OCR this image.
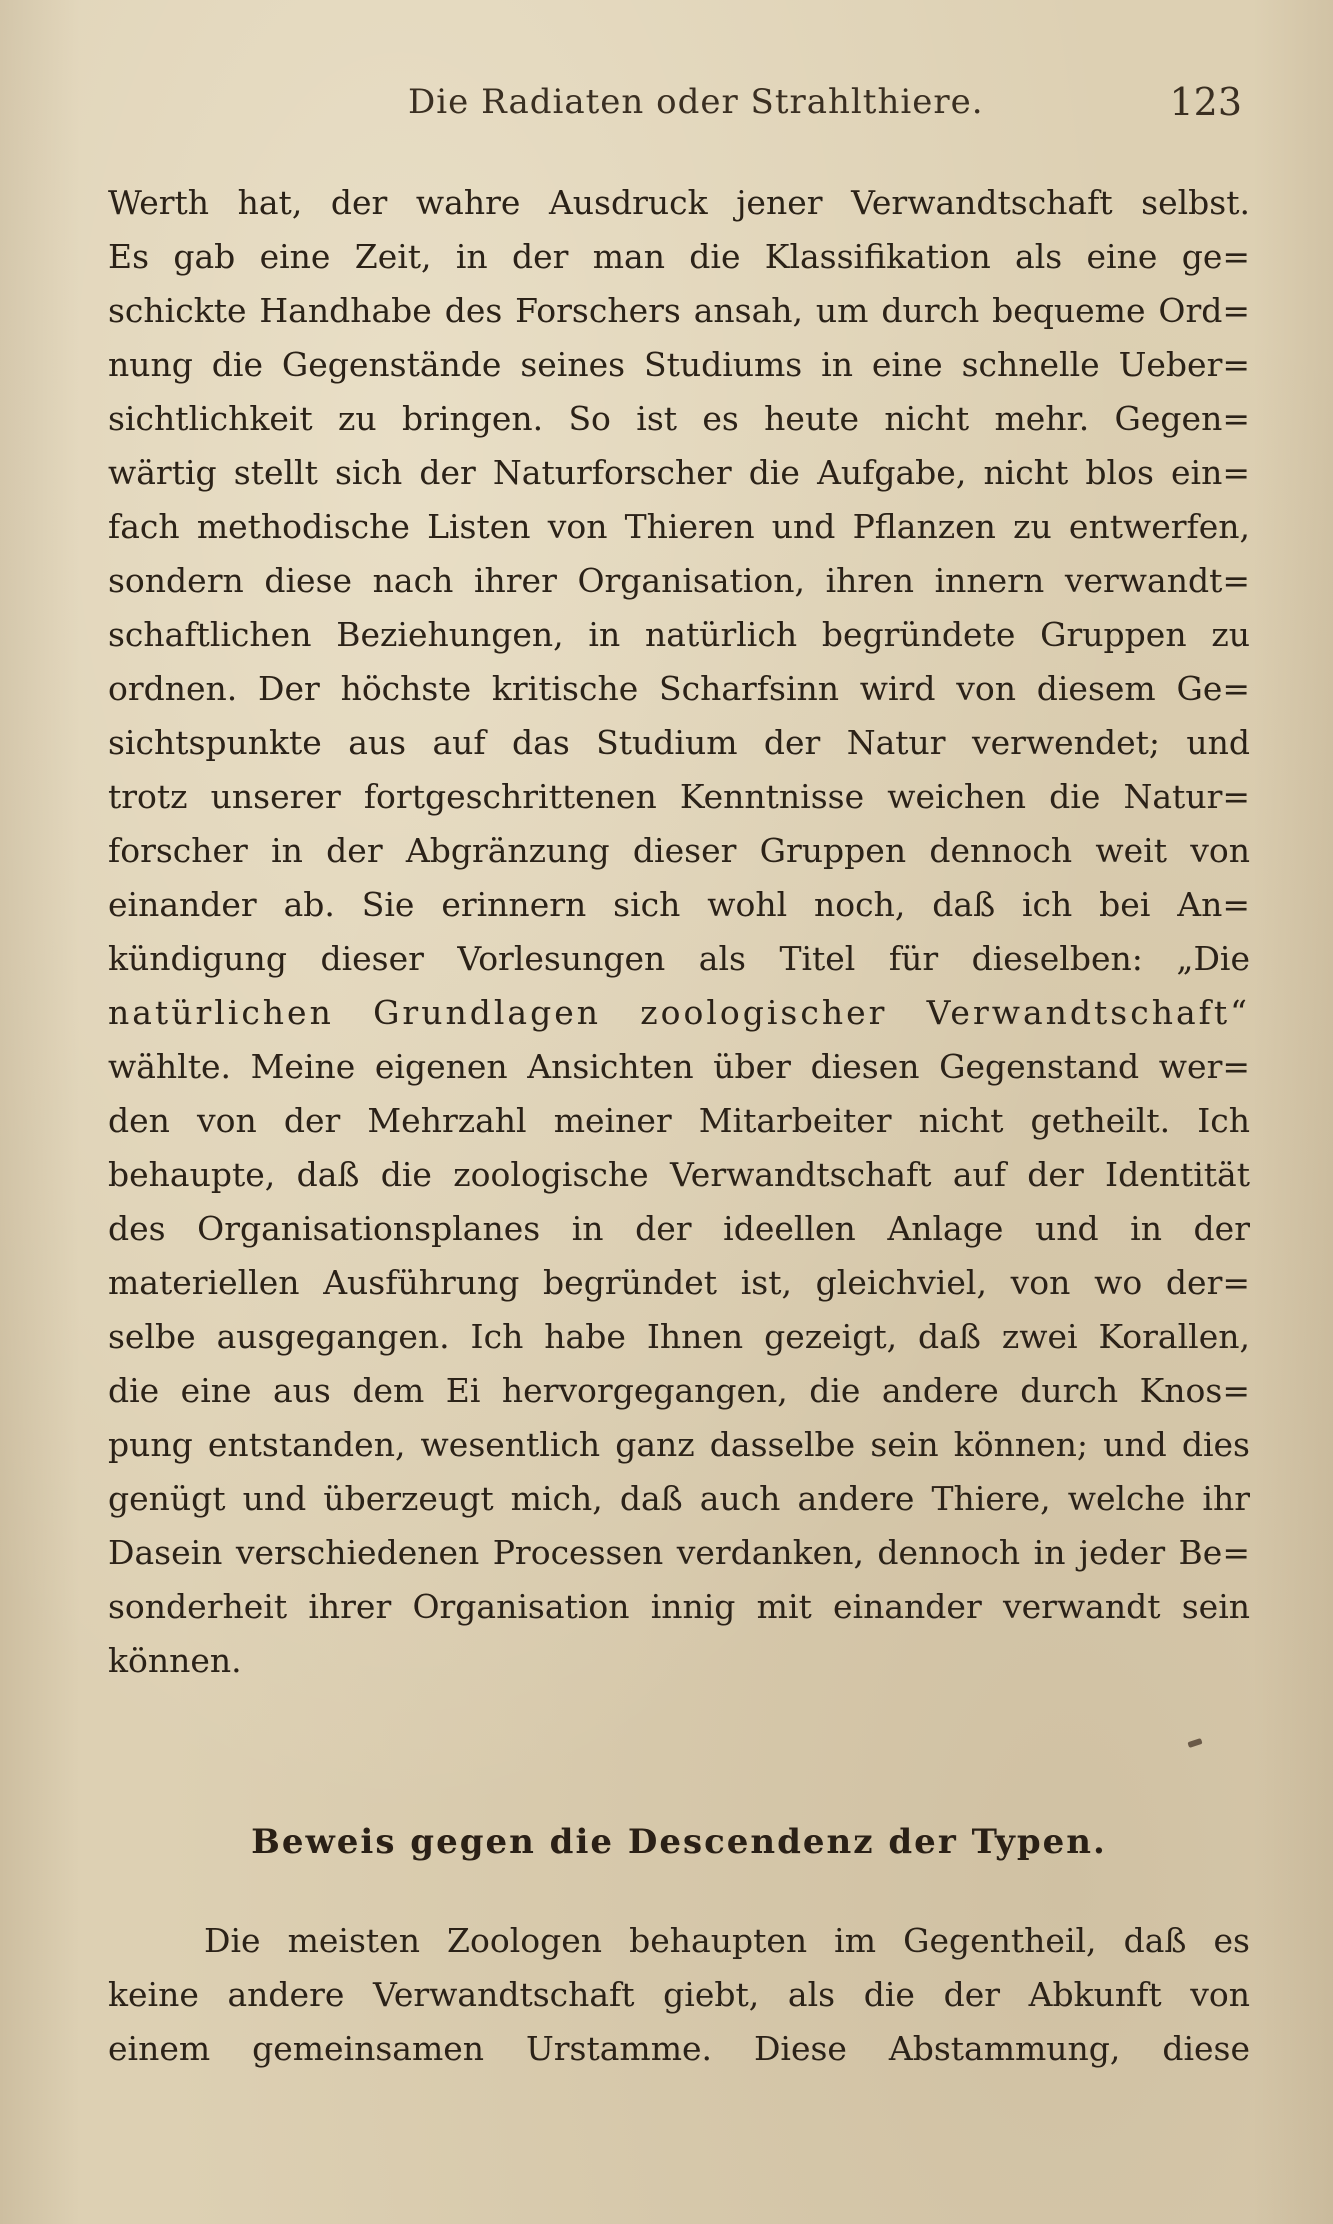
Die Radiaten oder Strahlthiere.	123
Werth hat, der wahre Ausdruck jener Verwandtschaft selbst.
Es gab eine Zeit, in der man die Klassifikation als eine ge=
schickte Handhabe des Forschers ansah, um durch bequeme Ord=
nung die Gegenstände seines Studiums in eine schnelle Ueber=
sichtlichkeit zu bringen. So ist es heute nicht mehr. Gegen=
wärtig stellt sich der Naturforscher die Aufgabe, nicht blos ein=
fach methodische Listen von Thieren und Pflanzen zu entwerfen,
sondern diese nach ihrer Organisation, ihren innern verwandt=
schaftlichen Beziehungen, in natürlich begründete Gruppen zu
ordnen. Der höchste kritische Scharfsinn wird von diesem Ge=
sichtspunkte aus auf das Studium der Natur verwendet; und
trotz unserer fortgeschrittenen Kenntnisse weichen die Natur=
forscher in der Abgränzung dieser Gruppen dennoch weit von
einander ab. Sie erinnern sich wohl noch, daß ich bei An=
kündigung dieser Vorlesungen als Titel für dieselben: „Die
natürlichen Grundlagen zoologischer Verwandtschaft“
wählte. Meine eigenen Ansichten über diesen Gegenstand wer=
den von der Mehrzahl meiner Mitarbeiter nicht getheilt. Ich
behaupte, daß die zoologische Verwandtschaft auf der Identität
des Organisationsplanes in der ideellen Anlage und in der
materiellen Ausführung begründet ist, gleichviel, von wo der=
selbe ausgegangen. Ich habe Ihnen gezeigt, daß zwei Korallen,
die eine aus dem Ei hervorgegangen, die andere durch Knos=
pung entstanden, wesentlich ganz dasselbe sein können; und dies
genügt und überzeugt mich, daß auch andere Thiere, welche ihr
Dasein verschiedenen Processen verdanken, dennoch in jeder Be=
sonderheit ihrer Organisation innig mit einander verwandt sein
können.
Beweis gegen die Descendenz der Typen.
Die meisten Zoologen behaupten im Gegentheil, daß es
keine andere Verwandtschaft giebt, als die der Abkunft von
einem gemeinsamen Urstamme. Diese Abstammung, diese
